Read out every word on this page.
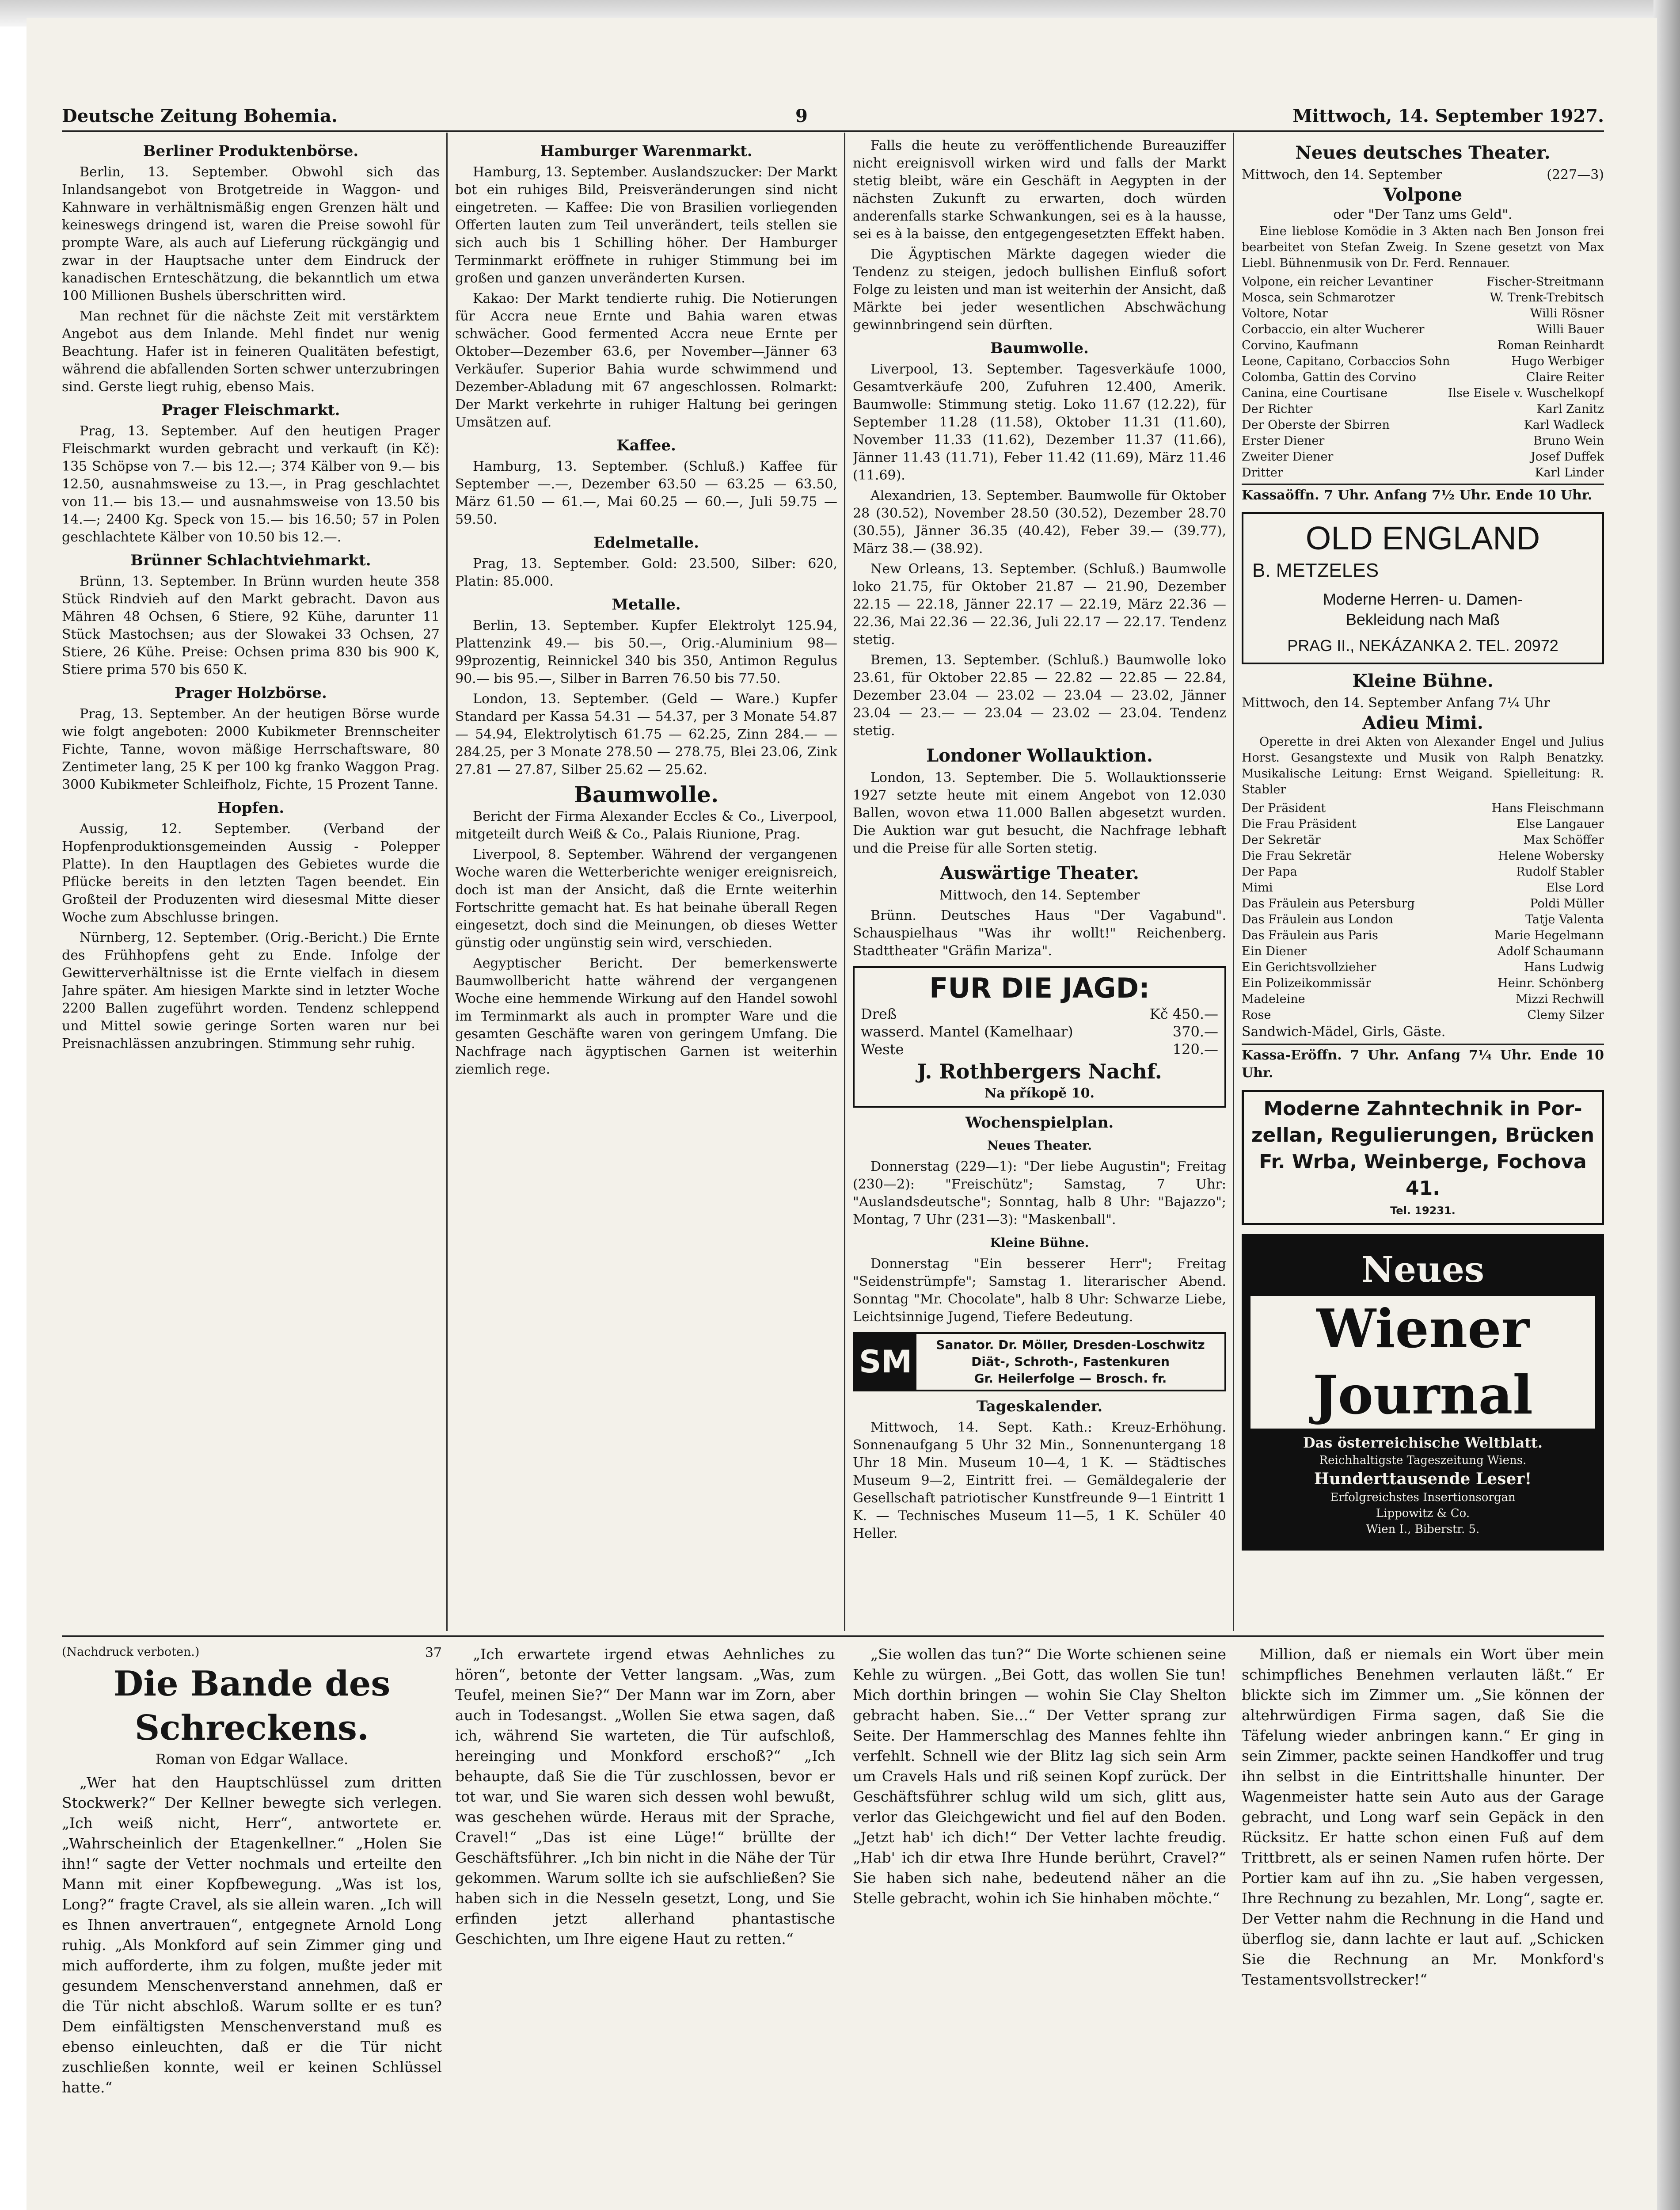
Deutsche Zeitung Bohemia.	9	Mittwoch, 14. September 1927.
Berliner Produktenbörse.

Berlin, 13. September. Obwohl sich das Inlandsangebot von Brotgetreide in Waggon- und Kahnware in verhältnismäßig engen Grenzen hält und keineswegs dringend ist, waren die Preise sowohl für prompte Ware, als auch auf Lieferung rückgängig und zwar in der Hauptsache unter dem Eindruck der kanadischen Ernteschätzung, die bekanntlich um etwa 100 Millionen Bushels überschritten wird.

Man rechnet für die nächste Zeit mit verstärktem Angebot aus dem Inlande. Mehl findet nur wenig Beachtung. Hafer ist in feineren Qualitäten befestigt, während die abfallenden Sorten schwer unterzubringen sind. Gerste liegt ruhig, ebenso Mais.

Prager Fleischmarkt.

Prag, 13. September. Auf den heutigen Prager Fleischmarkt wurden gebracht und verkauft (in Kč): 135 Schöpse von 7.— bis 12.—; 374 Kälber von 9.— bis 12.50, ausnahmsweise zu 13.—, in Prag geschlachtet von 11.— bis 13.— und ausnahmsweise von 13.50 bis 14.—; 2400 Kg. Speck von 15.— bis 16.50; 57 in Polen geschlachtete Kälber von 10.50 bis 12.—.

Brünner Schlachtviehmarkt.

Brünn, 13. September. In Brünn wurden heute 358 Stück Rindvieh auf den Markt gebracht. Davon aus Mähren 48 Ochsen, 6 Stiere, 92 Kühe, darunter 11 Stück Mastochsen; aus der Slowakei 33 Ochsen, 27 Stiere, 26 Kühe. Preise: Ochsen prima 830 bis 900 K, Stiere prima 570 bis 650 K.

Prager Holzbörse.

Prag, 13. September. An der heutigen Börse wurde wie folgt angeboten: 2000 Kubikmeter Brennscheiter Fichte, Tanne, wovon mäßige Herrschaftsware, 80 Zentimeter lang, 25 K per 100 kg franko Waggon Prag. 3000 Kubikmeter Schleifholz, Fichte, 15 Prozent Tanne.

Hopfen.

Aussig, 12. September. (Verband der Hopfenproduktionsgemeinden Aussig - Polepper Platte). In den Hauptlagen des Gebietes wurde die Pflücke bereits in den letzten Tagen beendet. Ein Großteil der Produzenten wird diesesmal Mitte dieser Woche zum Abschlusse bringen.

Nürnberg, 12. September. (Orig.-Bericht.) Die Ernte des Frühhopfens geht zu Ende. Infolge der Gewitterverhältnisse ist die Ernte vielfach in diesem Jahre später. Am hiesigen Markte sind in letzter Woche 2200 Ballen zugeführt worden. Tendenz schleppend und Mittel sowie geringe Sorten waren nur bei Preisnachlässen anzubringen. Stimmung sehr ruhig.

Hamburger Warenmarkt.

Hamburg, 13. September. Auslandszucker: Der Markt bot ein ruhiges Bild, Preisveränderungen sind nicht eingetreten. — Kaffee: Die von Brasilien vorliegenden Offerten lauten zum Teil unverändert, teils stellen sie sich auch bis 1 Schilling höher. Der Hamburger Terminmarkt eröffnete in ruhiger Stimmung bei im großen und ganzen unveränderten Kursen.

Kakao: Der Markt tendierte ruhig. Die Notierungen für Accra neue Ernte und Bahia waren etwas schwächer. Good fermented Accra neue Ernte per Oktober—Dezember 63.6, per November—Jänner 63 Verkäufer. Superior Bahia wurde schwimmend und Dezember-Abladung mit 67 angeschlossen. Rolmarkt: Der Markt verkehrte in ruhiger Haltung bei geringen Umsätzen auf.

Kaffee.

Hamburg, 13. September. (Schluß.) Kaffee für September —.—, Dezember 63.50 — 63.25 — 63.50, März 61.50 — 61.—, Mai 60.25 — 60.—, Juli 59.75 — 59.50.

Edelmetalle.

Prag, 13. September. Gold: 23.500, Silber: 620, Platin: 85.000.

Metalle.

Berlin, 13. September. Kupfer Elektrolyt 125.94, Plattenzink 49.— bis 50.—, Orig.-Aluminium 98—99prozentig, Reinnickel 340 bis 350, Antimon Regulus 90.— bis 95.—, Silber in Barren 76.50 bis 77.50.

London, 13. September. (Geld — Ware.) Kupfer Standard per Kassa 54.31 — 54.37, per 3 Monate 54.87 — 54.94, Elektrolytisch 61.75 — 62.25, Zinn 284.— — 284.25, per 3 Monate 278.50 — 278.75, Blei 23.06, Zink 27.81 — 27.87, Silber 25.62 — 25.62.

Baumwolle.

Bericht der Firma Alexander Eccles & Co., Liverpool, mitgeteilt durch Weiß & Co., Palais Riunione, Prag.

Liverpool, 8. September. Während der vergangenen Woche waren die Wetterberichte weniger ereignisreich, doch ist man der Ansicht, daß die Ernte weiterhin Fortschritte gemacht hat. Es hat beinahe überall Regen eingesetzt, doch sind die Meinungen, ob dieses Wetter günstig oder ungünstig sein wird, verschieden.

Aegyptischer Bericht. Der bemerkenswerte Baumwollbericht hatte während der vergangenen Woche eine hemmende Wirkung auf den Handel sowohl im Terminmarkt als auch in prompter Ware und die gesamten Geschäfte waren von geringem Umfang. Die Nachfrage nach ägyptischen Garnen ist weiterhin ziemlich rege.

Falls die heute zu veröffentlichende Bureauziffer nicht ereignisvoll wirken wird und falls der Markt stetig bleibt, wäre ein Geschäft in Aegypten in der nächsten Zukunft zu erwarten, doch würden anderenfalls starke Schwankungen, sei es à la hausse, sei es à la baisse, den entgegengesetzten Effekt haben.

Die Ägyptischen Märkte dagegen wieder die Tendenz zu steigen, jedoch bullishen Einfluß sofort Folge zu leisten und man ist weiterhin der Ansicht, daß Märkte bei jeder wesentlichen Abschwächung gewinnbringend sein dürften.

Baumwolle.

Liverpool, 13. September. Tagesverkäufe 1000, Gesamtverkäufe 200, Zufuhren 12.400, Amerik. Baumwolle: Stimmung stetig. Loko 11.67 (12.22), für September 11.28 (11.58), Oktober 11.31 (11.60), November 11.33 (11.62), Dezember 11.37 (11.66), Jänner 11.43 (11.71), Feber 11.42 (11.69), März 11.46 (11.69).

Alexandrien, 13. September. Baumwolle für Oktober 28 (30.52), November 28.50 (30.52), Dezember 28.70 (30.55), Jänner 36.35 (40.42), Feber 39.— (39.77), März 38.— (38.92).

New Orleans, 13. September. (Schluß.) Baumwolle loko 21.75, für Oktober 21.87 — 21.90, Dezember 22.15 — 22.18, Jänner 22.17 — 22.19, März 22.36 — 22.36, Mai 22.36 — 22.36, Juli 22.17 — 22.17. Tendenz stetig.

Bremen, 13. September. (Schluß.) Baumwolle loko 23.61, für Oktober 22.85 — 22.82 — 22.85 — 22.84, Dezember 23.04 — 23.02 — 23.04 — 23.02, Jänner 23.04 — 23.— — 23.04 — 23.02 — 23.04. Tendenz stetig.

Londoner Wollauktion.

London, 13. September. Die 5. Wollauktionsserie 1927 setzte heute mit einem Angebot von 12.030 Ballen, wovon etwa 11.000 Ballen abgesetzt wurden. Die Auktion war gut besucht, die Nachfrage lebhaft und die Preise für alle Sorten stetig.

Auswärtige Theater.

Mittwoch, den 14. September

Brünn. Deutsches Haus "Der Vagabund". Schauspielhaus "Was ihr wollt!" Reichenberg. Stadttheater "Gräfin Mariza".

FUR DIE JAGD:
Dreß	Kč 450.—
wasserd. Mantel (Kamelhaar)	370.—
Weste	120.—
J. Rothbergers Nachf.
Na příkopě 10.
Wochenspielplan.
Neues Theater.

Donnerstag (229—1): "Der liebe Augustin"; Freitag (230—2): "Freischütz"; Samstag, 7 Uhr: "Auslandsdeutsche"; Sonntag, halb 8 Uhr: "Bajazzo"; Montag, 7 Uhr (231—3): "Maskenball".

Kleine Bühne.

Donnerstag "Ein besserer Herr"; Freitag "Seidenstrümpfe"; Samstag 1. literarischer Abend. Sonntag "Mr. Chocolate", halb 8 Uhr: Schwarze Liebe, Leichtsinnige Jugend, Tiefere Bedeutung.

SM	Sanator. Dr. Möller, Dresden-Loschwitz
Diät-, Schroth-, Fastenkuren
Gr. Heilerfolge — Brosch. fr.
Tageskalender.

Mittwoch, 14. Sept. Kath.: Kreuz-Erhöhung. Sonnenaufgang 5 Uhr 32 Min., Sonnenuntergang 18 Uhr 18 Min. Museum 10—4, 1 K. — Städtisches Museum 9—2, Eintritt frei. — Gemäldegalerie der Gesellschaft patriotischer Kunstfreunde 9—1 Eintritt 1 K. — Technisches Museum 11—5, 1 K. Schüler 40 Heller.

Neues deutsches Theater.
Mittwoch, den 14. September	(227—3)
Volpone
oder "Der Tanz ums Geld".

Eine lieblose Komödie in 3 Akten nach Ben Jonson frei bearbeitet von Stefan Zweig. In Szene gesetzt von Max Liebl. Bühnenmusik von Dr. Ferd. Rennauer.

Volpone, ein reicher Levantiner	Fischer-Streitmann
Mosca, sein Schmarotzer	W. Trenk-Trebitsch
Voltore, Notar	Willi Rösner
Corbaccio, ein alter Wucherer	Willi Bauer
Corvino, Kaufmann	Roman Reinhardt
Leone, Capitano, Corbaccios Sohn	Hugo Werbiger
Colomba, Gattin des Corvino	Claire Reiter
Canina, eine Courtisane	Ilse Eisele v. Wuschelkopf
Der Richter	Karl Zanitz
Der Oberste der Sbirren	Karl Wadleck
Erster Diener	Bruno Wein
Zweiter Diener	Josef Duffek
Dritter	Karl Linder
Kassaöffn. 7 Uhr. Anfang 7½ Uhr. Ende 10 Uhr.
OLD ENGLAND
B. METZELES
Moderne Herren- u. Damen-
Bekleidung nach Maß
PRAG II., NEKÁZANKA 2. TEL. 20972
Kleine Bühne.
Mittwoch, den 14. September Anfang 7¼ Uhr
Adieu Mimi.

Operette in drei Akten von Alexander Engel und Julius Horst. Gesangstexte und Musik von Ralph Benatzky. Musikalische Leitung: Ernst Weigand. Spielleitung: R. Stabler

Der Präsident	Hans Fleischmann
Die Frau Präsident	Else Langauer
Der Sekretär	Max Schöffer
Die Frau Sekretär	Helene Wobersky
Der Papa	Rudolf Stabler
Mimi	Else Lord
Das Fräulein aus Petersburg	Poldi Müller
Das Fräulein aus London	Tatje Valenta
Das Fräulein aus Paris	Marie Hegelmann
Ein Diener	Adolf Schaumann
Ein Gerichtsvollzieher	Hans Ludwig
Ein Polizeikommissär	Heinr. Schönberg
Madeleine	Mizzi Rechwill
Rose	Clemy Silzer
Sandwich-Mädel, Girls, Gäste.
Kassa-Eröffn. 7 Uhr. Anfang 7¼ Uhr. Ende 10 Uhr.
Moderne Zahntechnik in Por-
zellan, Regulierungen, Brücken
Fr. Wrba, Weinberge, Fochova 41.
Tel. 19231.
Neues
Wiener Journal
Das österreichische Weltblatt.
Reichhaltigste Tageszeitung Wiens.
Hunderttausende Leser!
Erfolgreichstes Insertionsorgan
Lippowitz & Co.
Wien I., Biberstr. 5.
(Nachdruck verboten.)	37
Die Bande des Schreckens.
Roman von Edgar Wallace.

„Wer hat den Hauptschlüssel zum dritten Stockwerk?“ Der Kellner bewegte sich verlegen. „Ich weiß nicht, Herr“, antwortete er. „Wahrscheinlich der Etagenkellner.“ „Holen Sie ihn!“ sagte der Vetter nochmals und erteilte den Mann mit einer Kopfbewegung. „Was ist los, Long?“ fragte Cravel, als sie allein waren. „Ich will es Ihnen anvertrauen“, entgegnete Arnold Long ruhig. „Als Monkford auf sein Zimmer ging und mich aufforderte, ihm zu folgen, mußte jeder mit gesundem Menschenverstand annehmen, daß er die Tür nicht abschloß. Warum sollte er es tun? Dem einfältigsten Menschenverstand muß es ebenso einleuchten, daß er die Tür nicht zuschließen konnte, weil er keinen Schlüssel hatte.“

„Ich erwartete irgend etwas Aehnliches zu hören“, betonte der Vetter langsam. „Was, zum Teufel, meinen Sie?“ Der Mann war im Zorn, aber auch in Todesangst. „Wollen Sie etwa sagen, daß ich, während Sie warteten, die Tür aufschloß, hereinging und Monkford erschoß?“ „Ich behaupte, daß Sie die Tür zuschlossen, bevor er tot war, und Sie waren sich dessen wohl bewußt, was geschehen würde. Heraus mit der Sprache, Cravel!“ „Das ist eine Lüge!“ brüllte der Geschäftsführer. „Ich bin nicht in die Nähe der Tür gekommen. Warum sollte ich sie aufschließen? Sie haben sich in die Nesseln gesetzt, Long, und Sie erfinden jetzt allerhand phantastische Geschichten, um Ihre eigene Haut zu retten.“

„Sie wollen das tun?“ Die Worte schienen seine Kehle zu würgen. „Bei Gott, das wollen Sie tun! Mich dorthin bringen — wohin Sie Clay Shelton gebracht haben. Sie...“ Der Vetter sprang zur Seite. Der Hammerschlag des Mannes fehlte ihn verfehlt. Schnell wie der Blitz lag sich sein Arm um Cravels Hals und riß seinen Kopf zurück. Der Geschäftsführer schlug wild um sich, glitt aus, verlor das Gleichgewicht und fiel auf den Boden. „Jetzt hab' ich dich!“ Der Vetter lachte freudig. „Hab' ich dir etwa Ihre Hunde berührt, Cravel?“ Sie haben sich nahe, bedeutend näher an die Stelle gebracht, wohin ich Sie hinhaben möchte.“

Million, daß er niemals ein Wort über mein schimpfliches Benehmen verlauten läßt.“ Er blickte sich im Zimmer um. „Sie können der altehrwürdigen Firma sagen, daß Sie die Täfelung wieder anbringen kann.“ Er ging in sein Zimmer, packte seinen Handkoffer und trug ihn selbst in die Eintrittshalle hinunter. Der Wagenmeister hatte sein Auto aus der Garage gebracht, und Long warf sein Gepäck in den Rücksitz. Er hatte schon einen Fuß auf dem Trittbrett, als er seinen Namen rufen hörte. Der Portier kam auf ihn zu. „Sie haben vergessen, Ihre Rechnung zu bezahlen, Mr. Long“, sagte er. Der Vetter nahm die Rechnung in die Hand und überflog sie, dann lachte er laut auf. „Schicken Sie die Rechnung an Mr. Monkford's Testamentsvollstrecker!“
